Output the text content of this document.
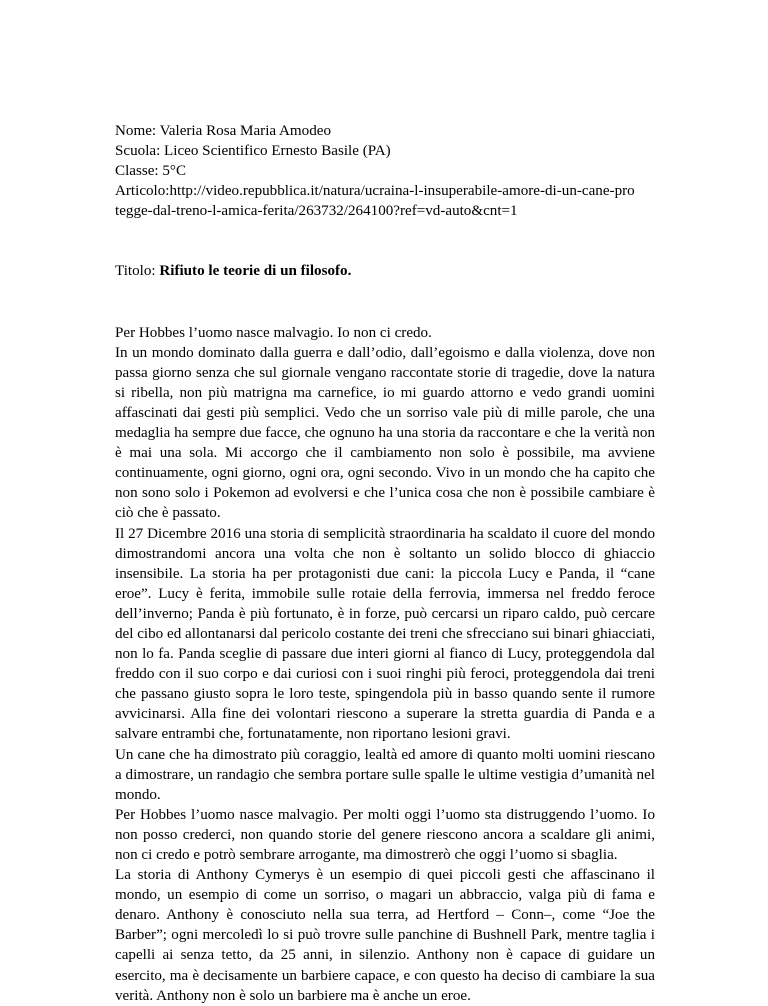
Nome: Valeria Rosa Maria Amodeo
Scuola: Liceo Scientifico Ernesto Basile (PA)
Classe: 5°C
Articolo:http://video.repubblica.it/natura/ucraina-l-insuperabile-amore-di-un-cane-pro
tegge-dal-treno-l-amica-ferita/263732/264100?ref=vd-auto&cnt=1
Titolo: Rifiuto le teorie di un filosofo.

Per Hobbes l’uomo nasce malvagio. Io non ci credo.

In un mondo dominato dalla guerra e dall’odio, dall’egoismo e dalla violenza, dove non passa giorno senza che sul giornale vengano raccontate storie di tragedie, dove la natura si ribella, non più matrigna ma carnefice, io mi guardo attorno e vedo grandi uomini affascinati dai gesti più semplici. Vedo che un sorriso vale più di mille parole, che una medaglia ha sempre due facce, che ognuno ha una storia da raccontare e che la verità non è mai una sola. Mi accorgo che il cambiamento non solo è possibile, ma avviene continuamente, ogni giorno, ogni ora, ogni secondo. Vivo in un mondo che ha capito che non sono solo i Pokemon ad evolversi e che l’unica cosa che non è possibile cambiare è ciò che è passato.

Il 27 Dicembre 2016 una storia di semplicità straordinaria ha scaldato il cuore del mondo dimostrandomi ancora una volta che non è soltanto un solido blocco di ghiaccio insensibile. La storia ha per protagonisti due cani: la piccola Lucy e Panda, il “cane eroe”. Lucy è ferita, immobile sulle rotaie della ferrovia, immersa nel freddo feroce dell’inverno; Panda è più fortunato, è in forze, può cercarsi un riparo caldo, può cercare del cibo ed allontanarsi dal pericolo costante dei treni che sfrecciano sui binari ghiacciati, non lo fa. Panda sceglie di passare due interi giorni al fianco di Lucy, proteggendola dal freddo con il suo corpo e dai curiosi con i suoi ringhi più feroci, proteggendola dai treni che passano giusto sopra le loro teste, spingendola più in basso quando sente il rumore avvicinarsi. Alla fine dei volontari riescono a superare la stretta guardia di Panda e a salvare entrambi che, fortunatamente, non riportano lesioni gravi.

Un cane che ha dimostrato più coraggio, lealtà ed amore di quanto molti uomini riescano a dimostrare, un randagio che sembra portare sulle spalle le ultime vestigia d’umanità nel mondo.

Per Hobbes l’uomo nasce malvagio. Per molti oggi l’uomo sta distruggendo l’uomo. Io non posso crederci, non quando storie del genere riescono ancora a scaldare gli animi, non ci credo e potrò sembrare arrogante, ma dimostrerò che oggi l’uomo si sbaglia.

La storia di Anthony Cymerys è un esempio di quei piccoli gesti che affascinano il mondo, un esempio di come un sorriso, o magari un abbraccio, valga più di fama e denaro. Anthony è conosciuto nella sua terra, ad Hertford – Conn–, come “Joe the Barber”; ogni mercoledì lo si può trovre sulle panchine di Bushnell Park, mentre taglia i capelli ai senza tetto, da 25 anni, in silenzio. Anthony non è capace di guidare un esercito, ma è decisamente un barbiere capace, e con questo ha deciso di cambiare la sua verità. Anthony non è solo un barbiere ma è anche un eroe.
